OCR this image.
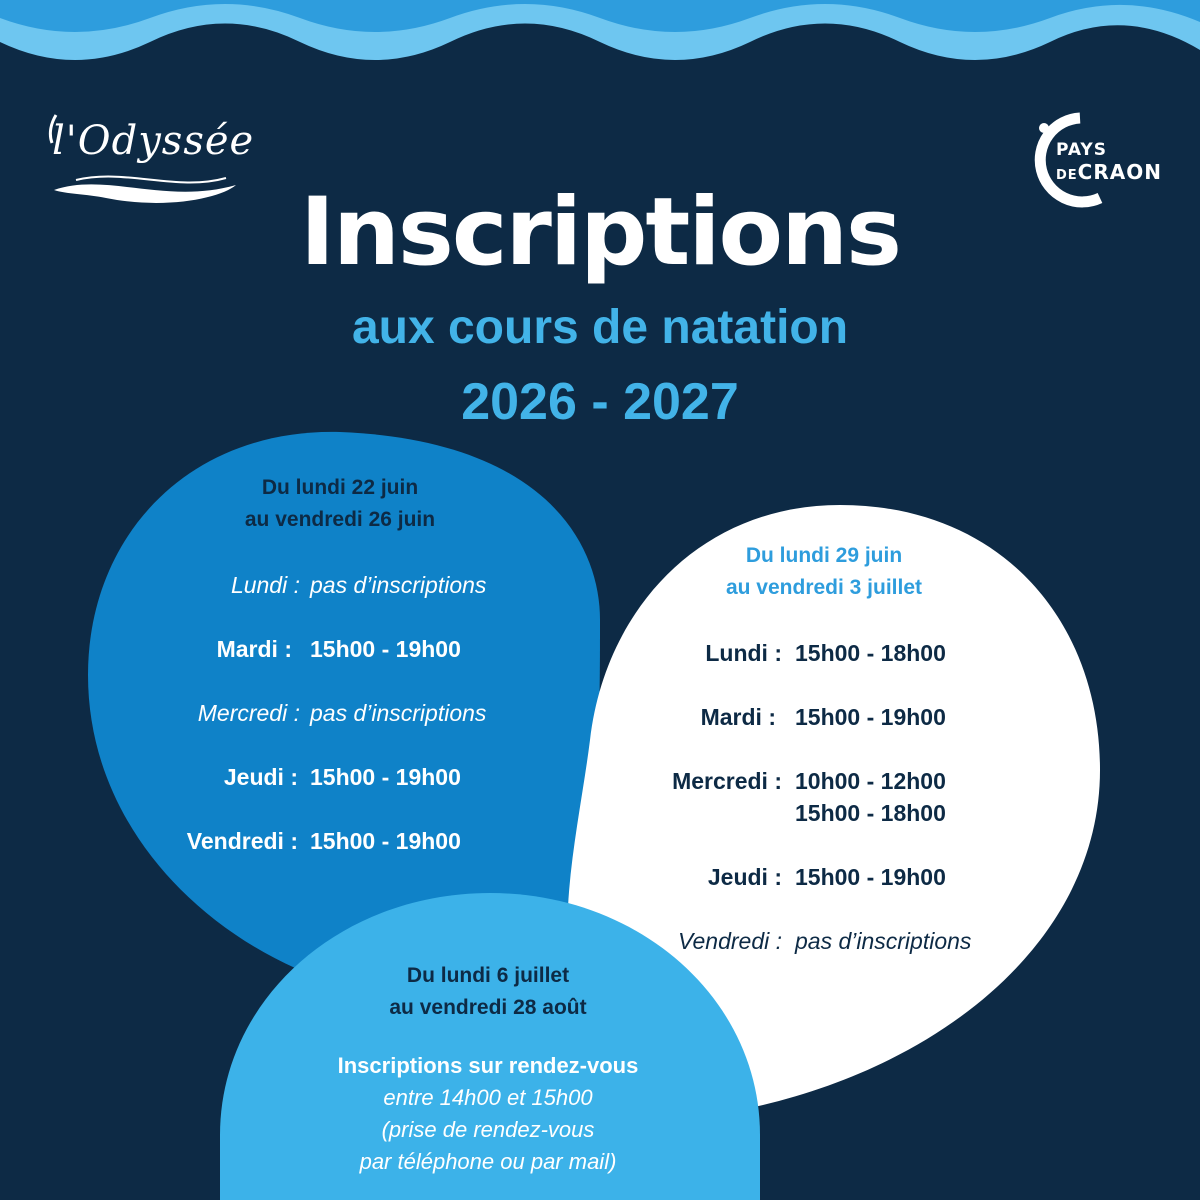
l'Odyssée	PAYS
DECRAON
Inscriptions
aux cours de natation
2026 - 2027
Du lundi 22 juin
au vendredi 26 juin
Lundi : pas d’inscriptions
Mardi : 15h00 - 19h00
Mercredi : pas d’inscriptions
Jeudi : 15h00 - 19h00
Vendredi : 15h00 - 19h00
Du lundi 29 juin
au vendredi 3 juillet
Lundi : 15h00 - 18h00
Mardi : 15h00 - 19h00
Mercredi : 10h00 - 12h00
15h00 - 18h00
Jeudi : 15h00 - 19h00
Vendredi : pas d’inscriptions
Du lundi 6 juillet
au vendredi 28 août
Inscriptions sur rendez-vous
entre 14h00 et 15h00
(prise de rendez-vous
par téléphone ou par mail)
